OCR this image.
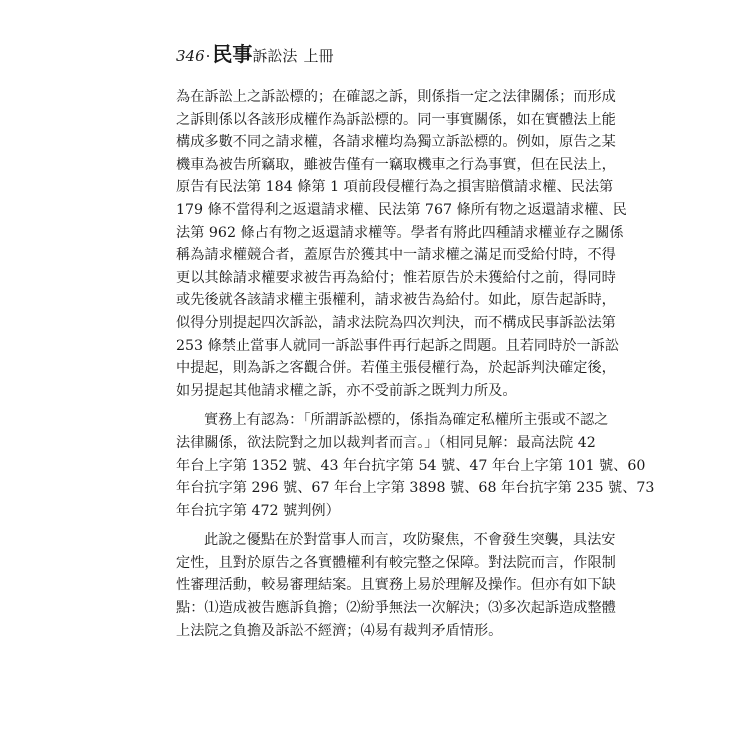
346 · 民事 訴訟法 上冊
為在訴訟上之訴訟標的；在確認之訴，則係指一定之法律關係；而形成
之訴則係以各該形成權作為訴訟標的。同一事實關係，如在實體法上能
構成多數不同之請求權，各請求權均為獨立訴訟標的。例如，原告之某
機車為被告所竊取，雖被告僅有一竊取機車之行為事實，但在民法上，
原告有民法第 184 條第 1 項前段侵權行為之損害賠償請求權、民法第
179 條不當得利之返還請求權、民法第 767 條所有物之返還請求權、民
法第 962 條占有物之返還請求權等。學者有將此四種請求權並存之關係
稱為請求權競合者，蓋原告於獲其中一請求權之滿足而受給付時，不得
更以其餘請求權要求被告再為給付；惟若原告於未獲給付之前，得同時
或先後就各該請求權主張權利，請求被告為給付。如此，原告起訴時，
似得分別提起四次訴訟，請求法院為四次判決，而不構成民事訴訟法第
253 條禁止當事人就同一訴訟事件再行起訴之問題。且若同時於一訴訟
中提起，則為訴之客觀合併。若僅主張侵權行為，於起訴判決確定後，
如另提起其他請求權之訴，亦不受前訴之既判力所及。
實務上有認為：「所謂訴訟標的，係指為確定私權所主張或不認之
法律關係，欲法院對之加以裁判者而言。」（相同見解：最高法院 42
年台上字第 1352 號、43 年台抗字第 54 號、47 年台上字第 101 號、60
年台抗字第 296 號、67 年台上字第 3898 號、68 年台抗字第 235 號、73
年台抗字第 472 號判例）
此說之優點在於對當事人而言，攻防聚焦，不會發生突襲，具法安
定性，且對於原告之各實體權利有較完整之保障。對法院而言，作限制
性審理活動，較易審理結案。且實務上易於理解及操作。但亦有如下缺
點：⑴造成被告應訴負擔；⑵紛爭無法一次解決；⑶多次起訴造成整體
上法院之負擔及訴訟不經濟；⑷易有裁判矛盾情形。
